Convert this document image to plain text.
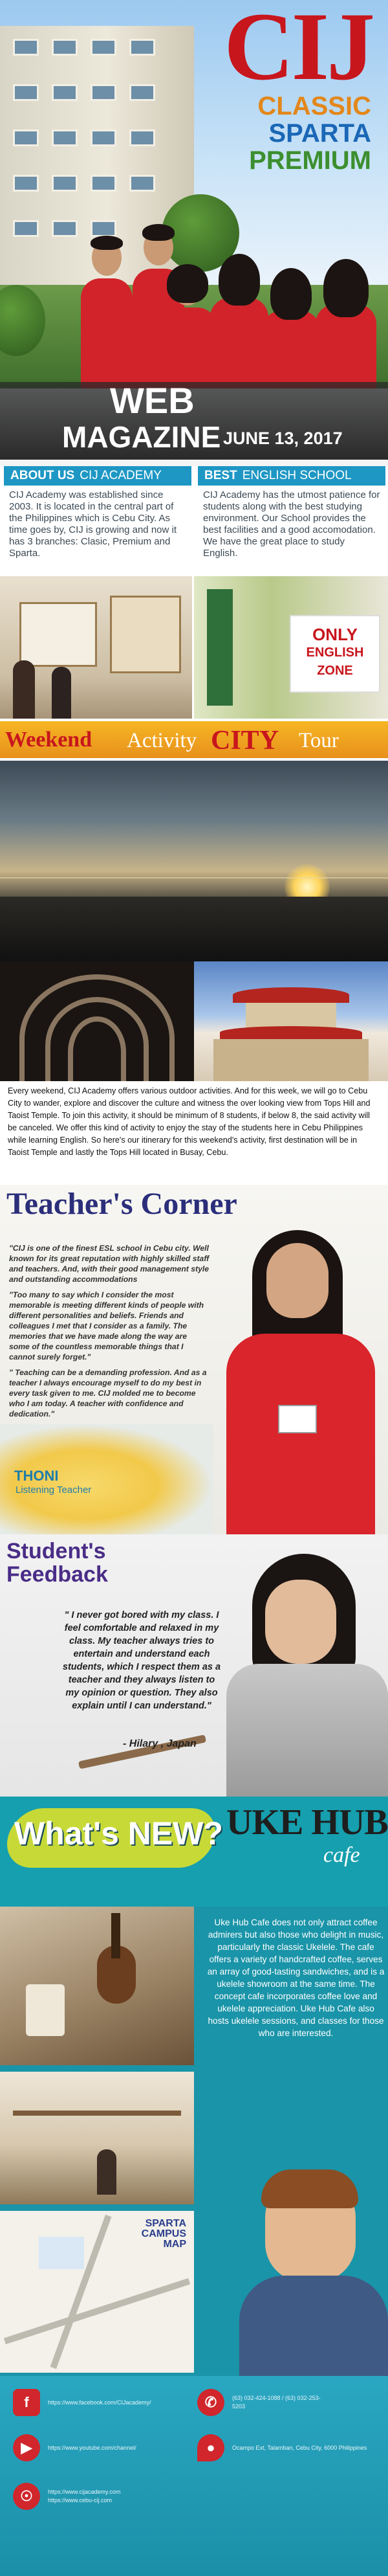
CIJ
CLASSIC
SPARTA
PREMIUM
WEB
MAGAZINE JUNE 13, 2017
ABOUT US CIJ ACADEMY
CIJ Academy was established since 2003. It is located in the central part of the Philippines which is Cebu City. As time goes by, CIJ is growing and now it has 3 branches: Clasic, Premium and Sparta.
BEST ENGLISH SCHOOL
CIJ Academy has the utmost patience for students along with the best studying environment. Our School provides the best facilities and a good accomodation. We have the great place to study English.
ONLY
ENGLISH
ZONE
Weekend Activity CITY Tour
Every weekend, CIJ Academy offers various outdoor activities. And for this week, we will go to Cebu City to wander, explore and discover the culture and witness the over looking view from Tops Hill and Taoist Temple. To join this activity, it should be minimum of 8 students, if below 8, the said activity will be canceled. We offer this kind of activity to enjoy the stay of the students here in Cebu Philippines while learning English. So here's our itinerary for this weekend's activity, first destination will be in Taoist Temple and lastly the Tops Hill located in Busay, Cebu.
Teacher's Corner

"CIJ is one of the finest ESL school in Cebu city. Well known for its great reputation with highly skilled staff and teachers. And, with their good management style and outstanding accommodations

"Too many to say which I consider the most memorable is meeting different kinds of people with different personalities and beliefs. Friends and colleagues I met that I consider as a family. The memories that we have made along the way are some of the countless memorable things that I cannot surely forget."

" Teaching can be a demanding profession. And as a teacher I always encourage myself to do my best in every task given to me. CIJ molded me to become who I am today. A teacher with confidence and dedication."

THONI
Listening Teacher
Student's
Feedback
" I never got bored with my class. I feel comfortable and relaxed in my class. My teacher always tries to entertain and understand each students, which I respect them as a teacher and they always listen to my opinion or question. They also explain until I can understand."
- Hilary , Japan
What's NEW? UKE HUB
cafe
Uke Hub Cafe does not only attract coffee admirers but also those who delight in music, particularly the classic Ukelele. The cafe offers a variety of handcrafted coffee, serves an array of good-tasting sandwiches, and is a ukelele showroom at the same time. The concept cafe incorporates coffee love and ukelele appreciation. Uke Hub Cafe also hosts ukelele sessions, and classes for those who are interested.
SPARTA
CAMPUS
MAP
f	https://www.facebook.com/CIJacademy/	✆	(63) 032-424-1088 / (63) 032-253-5203
▶	https://www.youtube.com/channel/	●	Ocampo Ext, Talamban, Cebu City, 6000 Philippines
☉	https://www.cijacademy.com
https://www.cebu-cij.com
